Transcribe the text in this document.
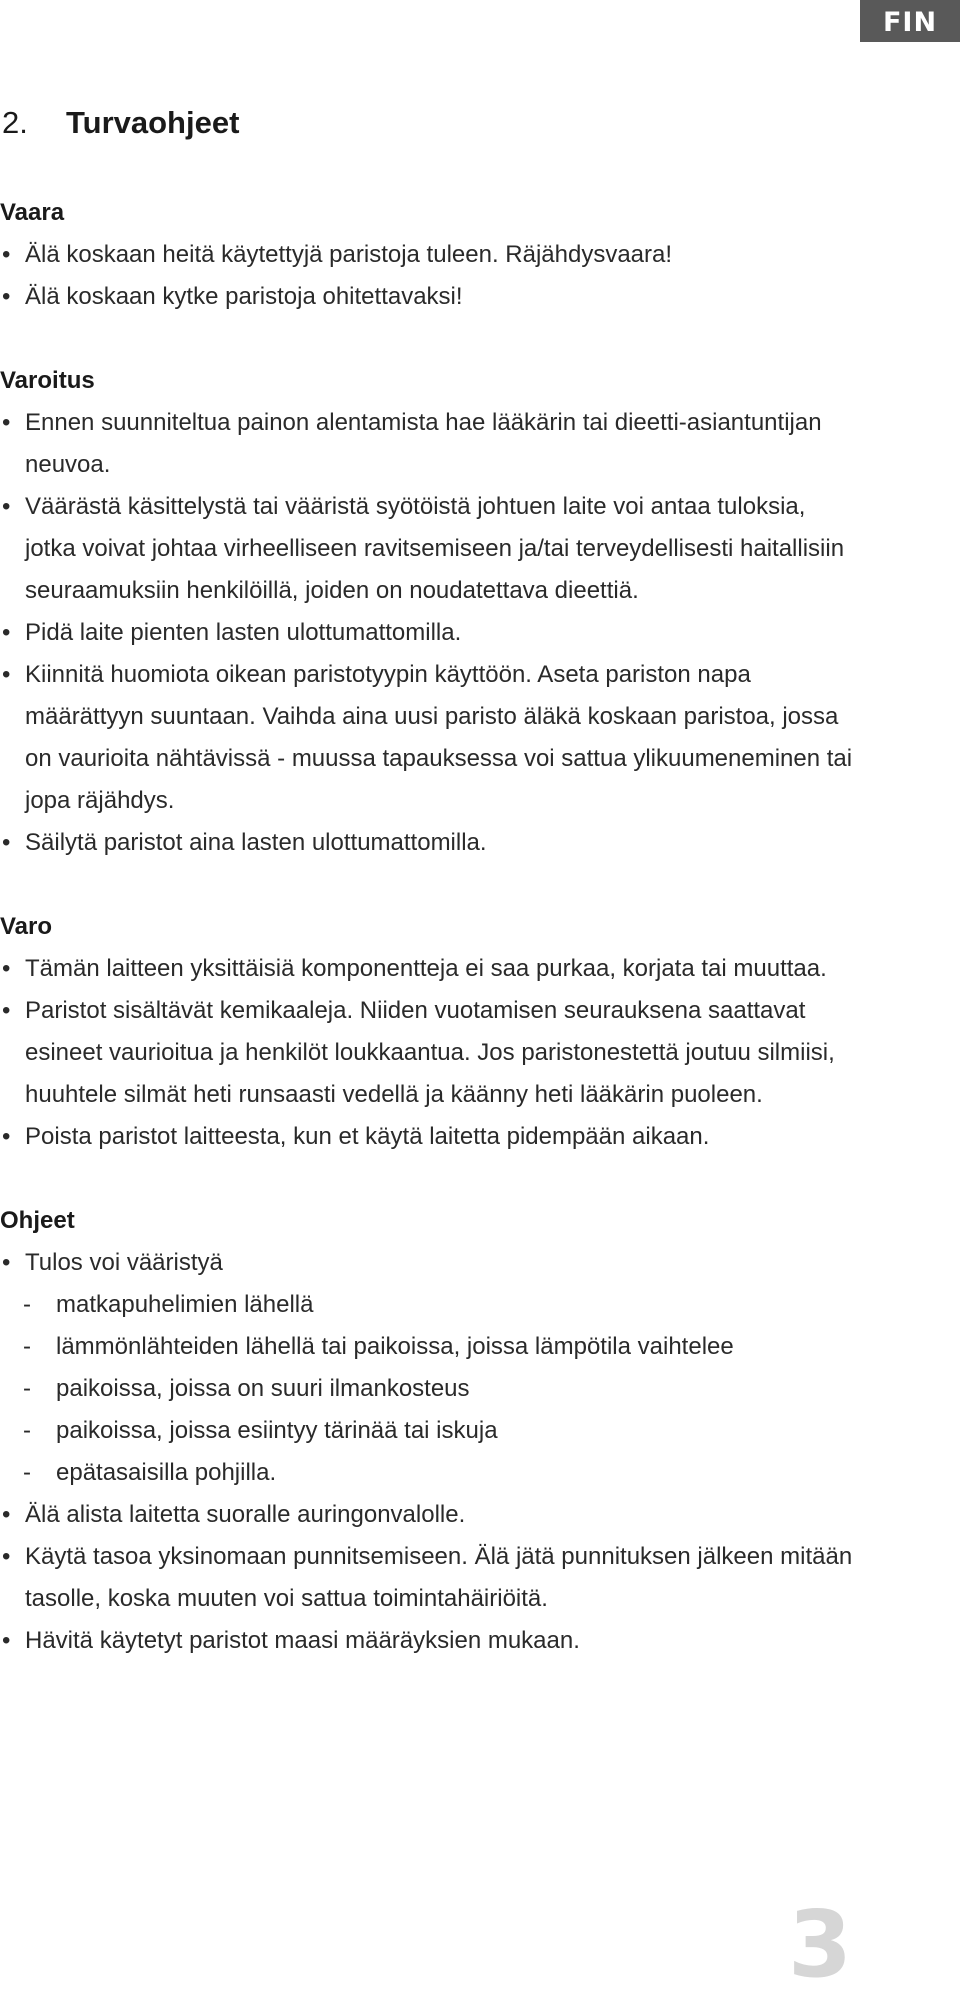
FIN
2. Turvaohjeet
Vaara
• Älä koskaan heitä käytettyjä paristoja tuleen. Räjähdysvaara!
• Älä koskaan kytke paristoja ohitettavaksi!
Varoitus
• Ennen suunniteltua painon alentamista hae lääkärin tai dieetti-asiantuntijan neuvoa.
• Väärästä käsittelystä tai vääristä syötöistä johtuen laite voi antaa tuloksia, jotka voivat johtaa virheelliseen ravitsemiseen ja/tai terveydellisesti haitallisiin seuraamuksiin henkilöillä, joiden on noudatettava dieettiä.
• Pidä laite pienten lasten ulottumattomilla.
• Kiinnitä huomiota oikean paristotyypin käyttöön. Aseta pariston napa määrättyyn suuntaan. Vaihda aina uusi paristo äläkä koskaan paristoa, jossa on vaurioita nähtävissä - muussa tapauksessa voi sattua ylikuumeneminen tai jopa räjähdys.
• Säilytä paristot aina lasten ulottumattomilla.
Varo
• Tämän laitteen yksittäisiä komponentteja ei saa purkaa, korjata tai muuttaa.
• Paristot sisältävät kemikaaleja. Niiden vuotamisen seurauksena saattavat esineet vaurioitua ja henkilöt loukkaantua. Jos paristonestettä joutuu silmiisi, huuhtele silmät heti runsaasti vedellä ja käänny heti lääkärin puoleen.
• Poista paristot laitteesta, kun et käytä laitetta pidempään aikaan.
Ohjeet
• Tulos voi vääristyä
- matkapuhelimien lähellä
- lämmönlähteiden lähellä tai paikoissa, joissa lämpötila vaihtelee
- paikoissa, joissa on suuri ilmankosteus
- paikoissa, joissa esiintyy tärinää tai iskuja
- epätasaisilla pohjilla.
• Älä alista laitetta suoralle auringonvalolle.
• Käytä tasoa yksinomaan punnitsemiseen. Älä jätä punnituksen jälkeen mitään tasolle, koska muuten voi sattua toimintahäiriöitä.
• Hävitä käytetyt paristot maasi määräyksien mukaan.
3
